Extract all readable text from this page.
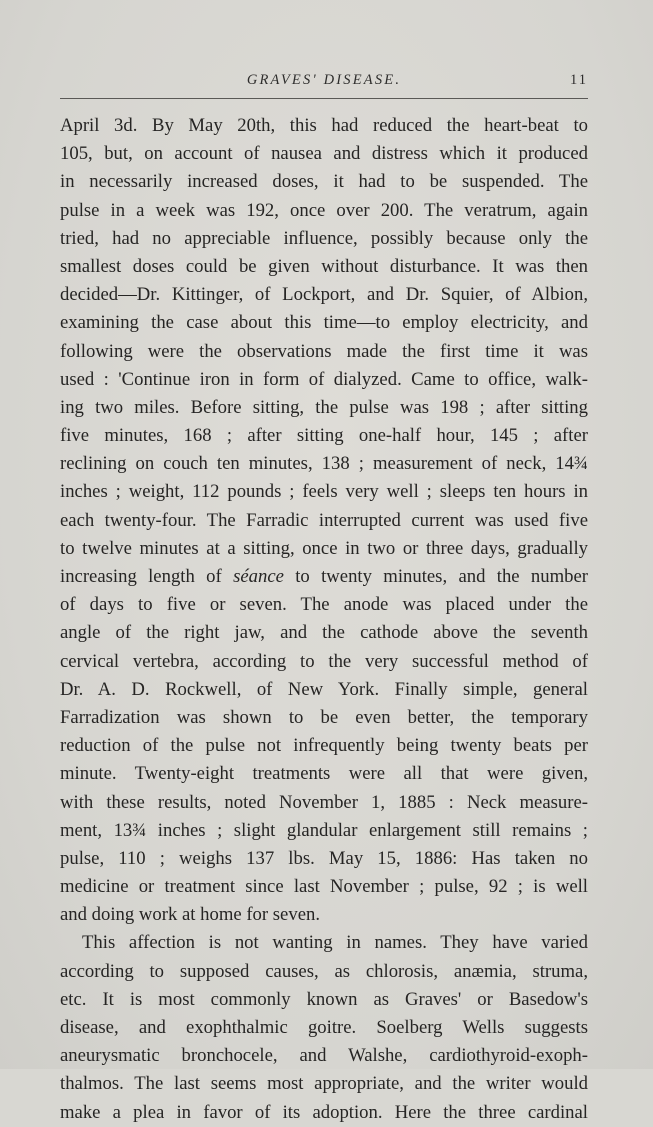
GRAVES' DISEASE.	11
April 3d. By May 20th, this had reduced the heart-beat to
105, but, on account of nausea and distress which it produced
in necessarily increased doses, it had to be suspended. The
pulse in a week was 192, once over 200. The veratrum, again
tried, had no appreciable influence, possibly because only the
smallest doses could be given without disturbance. It was then
decided—Dr. Kittinger, of Lockport, and Dr. Squier, of Albion,
examining the case about this time—to employ electricity, and
following were the observations made the first time it was
used : 'Continue iron in form of dialyzed. Came to office, walk-
ing two miles. Before sitting, the pulse was 198 ; after sitting
five minutes, 168 ; after sitting one-half hour, 145 ; after
reclining on couch ten minutes, 138 ; measurement of neck, 14¾
inches ; weight, 112 pounds ; feels very well ; sleeps ten hours in
each twenty-four. The Farradic interrupted current was used five
to twelve minutes at a sitting, once in two or three days, gradually
increasing length of séance to twenty minutes, and the number
of days to five or seven. The anode was placed under the
angle of the right jaw, and the cathode above the seventh
cervical vertebra, according to the very successful method of
Dr. A. D. Rockwell, of New York. Finally simple, general
Farradization was shown to be even better, the temporary
reduction of the pulse not infrequently being twenty beats per
minute. Twenty-eight treatments were all that were given,
with these results, noted November 1, 1885 : Neck measure-
ment, 13¾ inches ; slight glandular enlargement still remains ;
pulse, 110 ; weighs 137 lbs. May 15, 1886: Has taken no
medicine or treatment since last November ; pulse, 92 ; is well
and doing work at home for seven.
This affection is not wanting in names. They have varied
according to supposed causes, as chlorosis, anæmia, struma,
etc. It is most commonly known as Graves' or Basedow's
disease, and exophthalmic goitre. Soelberg Wells suggests
aneurysmatic bronchocele, and Walshe, cardiothyroid-exoph-
thalmos. The last seems most appropriate, and the writer would
make a plea in favor of its adoption. Here the three cardinal
